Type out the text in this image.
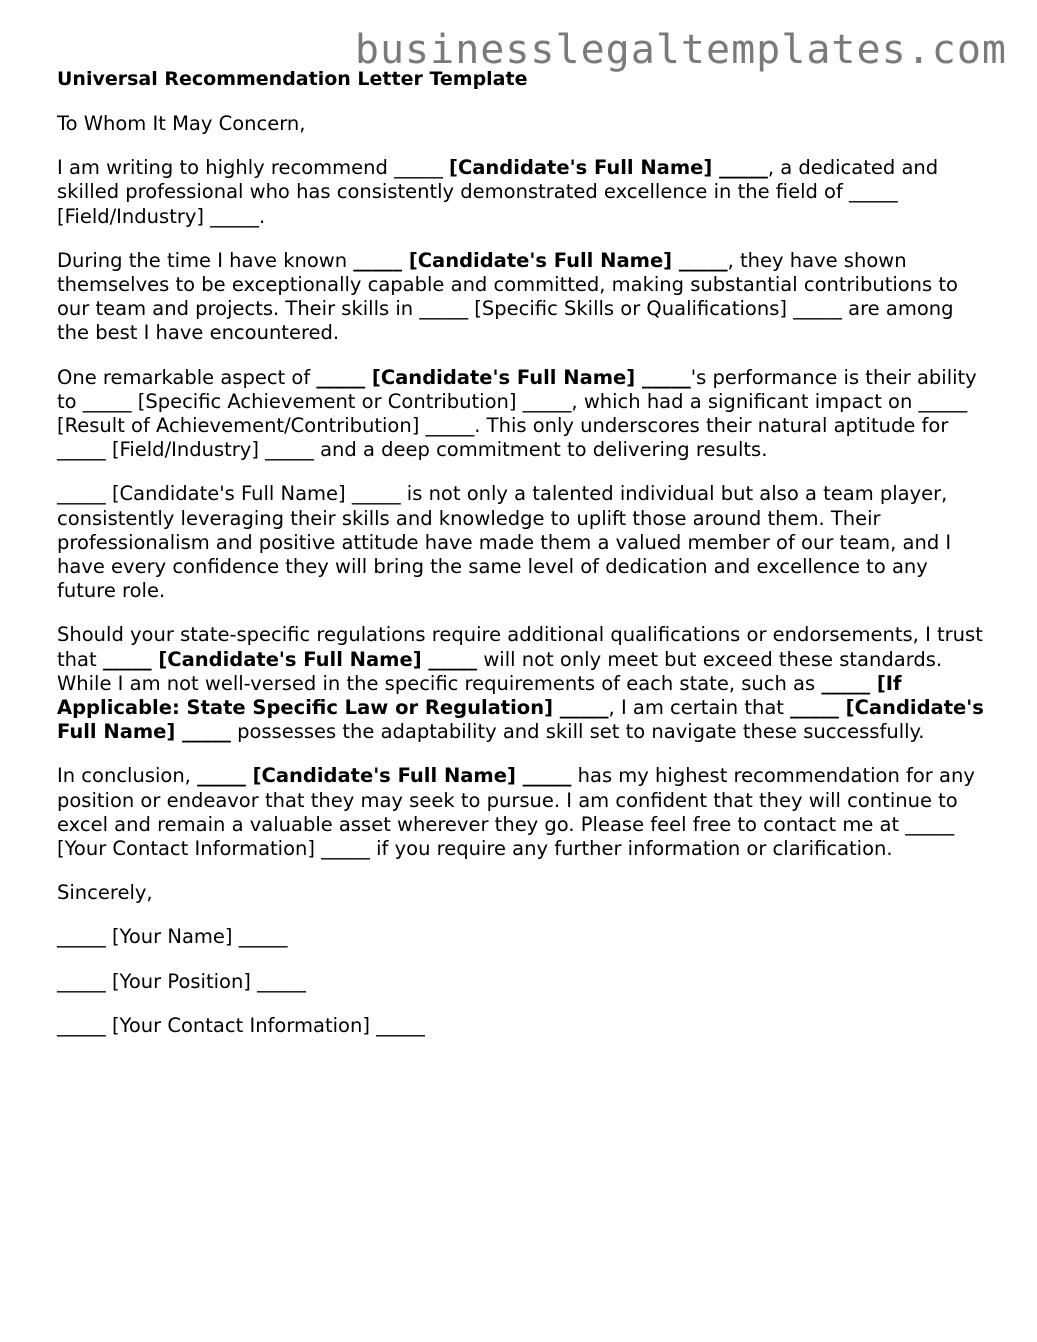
businesslegaltemplates.com
Universal Recommendation Letter Template

To Whom It May Concern,

I am writing to highly recommend _____ [Candidate's Full Name] _____, a dedicated and skilled professional who has consistently demonstrated excellence in the field of _____ [Field/Industry] _____.

During the time I have known _____ [Candidate's Full Name] _____, they have shown themselves to be exceptionally capable and committed, making substantial contributions to our team and projects. Their skills in _____ [Specific Skills or Qualifications] _____ are among the best I have encountered.

One remarkable aspect of _____ [Candidate's Full Name] _____'s performance is their ability to _____ [Specific Achievement or Contribution] _____, which had a significant impact on _____ [Result of Achievement/Contribution] _____. This only underscores their natural aptitude for _____ [Field/Industry] _____ and a deep commitment to delivering results.

_____ [Candidate's Full Name] _____ is not only a talented individual but also a team player, consistently leveraging their skills and knowledge to uplift those around them. Their professionalism and positive attitude have made them a valued member of our team, and I have every confidence they will bring the same level of dedication and excellence to any future role.

Should your state-specific regulations require additional qualifications or endorsements, I trust that _____ [Candidate's Full Name] _____ will not only meet but exceed these standards. While I am not well-versed in the specific requirements of each state, such as _____ [If Applicable: State Specific Law or Regulation] _____, I am certain that _____ [Candidate's Full Name] _____ possesses the adaptability and skill set to navigate these successfully.

In conclusion, _____ [Candidate's Full Name] _____ has my highest recommendation for any position or endeavor that they may seek to pursue. I am confident that they will continue to excel and remain a valuable asset wherever they go. Please feel free to contact me at _____ [Your Contact Information] _____ if you require any further information or clarification.

Sincerely,

_____ [Your Name] _____

_____ [Your Position] _____

_____ [Your Contact Information] _____
